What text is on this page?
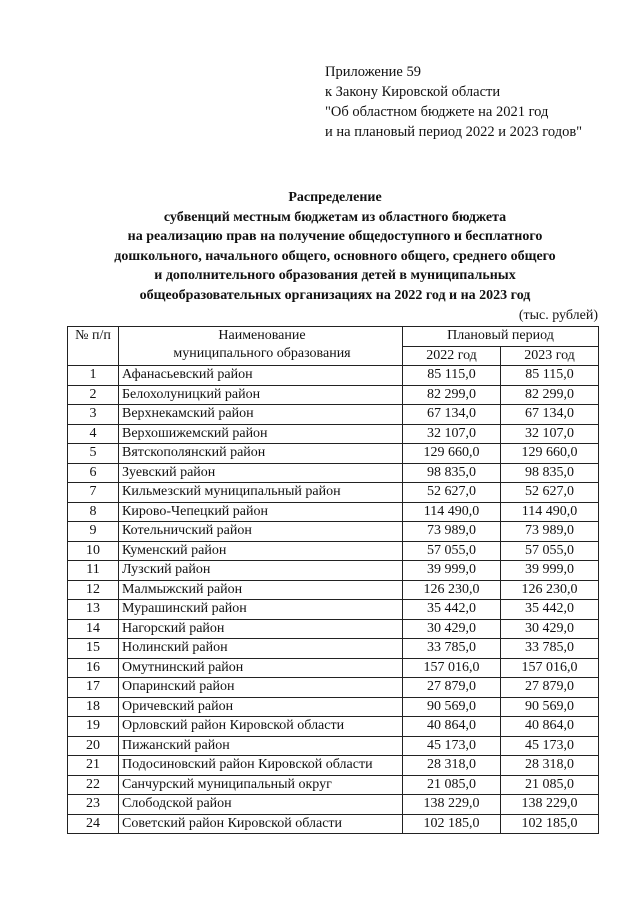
Приложение 59
к Закону Кировской области
"Об областном бюджете на 2021 год
и на плановый период 2022 и 2023 годов"
Распределение
субвенций местным бюджетам из областного бюджета
на реализацию прав на получение общедоступного и бесплатного
дошкольного, начального общего, основного общего, среднего общего
и дополнительного образования детей в муниципальных
общеобразовательных организациях на 2022 год и на 2023 год
(тыс. рублей)
№ п/п	Наименование
муниципального образования	Плановый период	
		2022 год	2023 год
1	Афанасьевский район	85 115,0	85 115,0
2	Белохолуницкий район	82 299,0	82 299,0
3	Верхнекамский район	67 134,0	67 134,0
4	Верхошижемский район	32 107,0	32 107,0
5	Вятскополянский район	129 660,0	129 660,0
6	Зуевский район	98 835,0	98 835,0
7	Кильмезский муниципальный район	52 627,0	52 627,0
8	Кирово-Чепецкий район	114 490,0	114 490,0
9	Котельничский район	73 989,0	73 989,0
10	Куменский район	57 055,0	57 055,0
11	Лузский район	39 999,0	39 999,0
12	Малмыжский район	126 230,0	126 230,0
13	Мурашинский район	35 442,0	35 442,0
14	Нагорский район	30 429,0	30 429,0
15	Нолинский район	33 785,0	33 785,0
16	Омутнинский район	157 016,0	157 016,0
17	Опаринский район	27 879,0	27 879,0
18	Оричевский район	90 569,0	90 569,0
19	Орловский район Кировской области	40 864,0	40 864,0
20	Пижанский район	45 173,0	45 173,0
21	Подосиновский район Кировской области	28 318,0	28 318,0
22	Санчурский муниципальный округ	21 085,0	21 085,0
23	Слободской район	138 229,0	138 229,0
24	Советский район Кировской области	102 185,0	102 185,0
